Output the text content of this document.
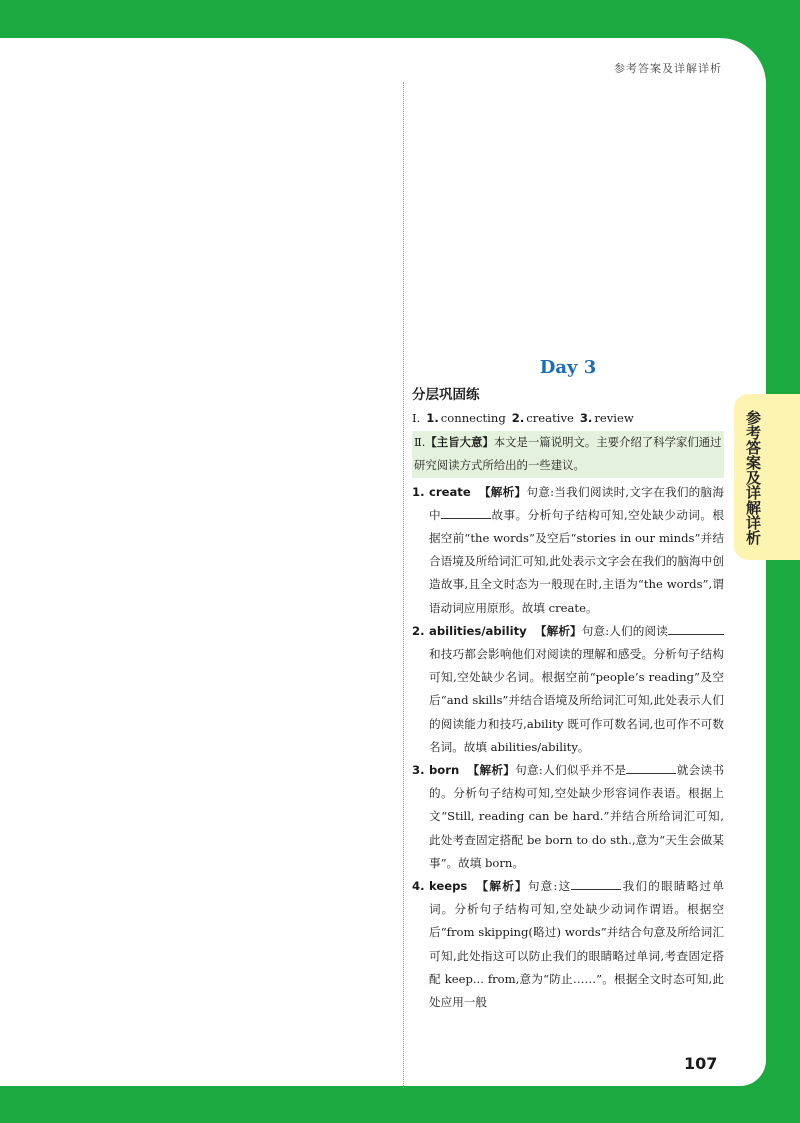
参考答案及详解详析
参考答案及详解详析
Day 3
分层巩固练
Ⅰ. 1. connecting 2. creative 3. review
Ⅱ.【主旨大意】本文是一篇说明文。主要介绍了科学家们通过研究阅读方式所给出的一些建议。
1. create 【解析】句意:当我们阅读时,文字在我们的脑海中	故事。分析句子结构可知,空处缺少动词。根据空前“the words”及空后“stories in our minds”并结合语境及所给词汇可知,此处表示文字会在我们的脑海中创造故事,且全文时态为一般现在时,主语为“the words”,谓语动词应用原形。故填 create。
2. abilities/ability 【解析】句意:人们的阅读和技巧都会影响他们对阅读的理解和感受。分析句子结构可知,空处缺少名词。根据空前“people’s reading”及空后“and skills”并结合语境及所给词汇可知,此处表示人们的阅读能力和技巧,ability 既可作可数名词,也可作不可数名词。故填 abilities/ability。
3. born 【解析】句意:人们似乎并不是	就会读书的。分析句子结构可知,空处缺少形容词作表语。根据上文“Still, reading can be hard.”并结合所给词汇可知,此处考查固定搭配 be born to do sth.,意为“天生会做某事”。故填 born。
4. keeps 【解析】句意:这	我们的眼睛略过单词。分析句子结构可知,空处缺少动词作谓语。根据空后“from skipping(略过) words”并结合句意及所给词汇可知,此处指这可以防止我们的眼睛略过单词,考查固定搭配 keep... from,意为“防止……”。根据全文时态可知,此处应用一般
107
